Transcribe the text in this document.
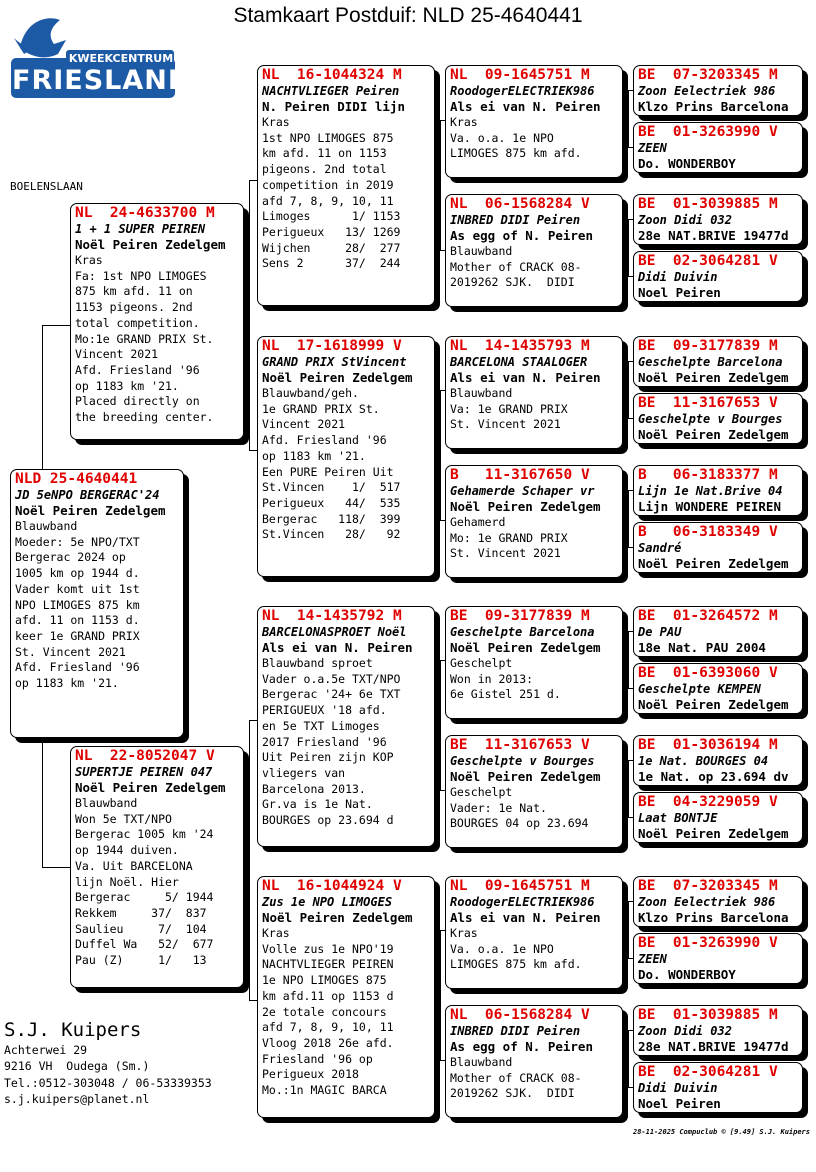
Stamkaart Postduif: NLD 25-4640441
KWEEKCENTRUM
FRIESLAND
BOELENSLAAN
NLD 25-4640441
JD 5eNPO BERGERAC'24
Noël Peiren Zedelgem
Blauwband
Moeder: 5e NPO/TXT
Bergerac 2024 op
1005 km op 1944 d.
Vader komt uit 1st
NPO LIMOGES 875 km
afd. 11 on 1153 d.
keer 1e GRAND PRIX
St. Vincent 2021
Afd. Friesland '96
op 1183 km '21.
NL  24-4633700 M
1 + 1 SUPER PEIREN
Noël Peiren Zedelgem
Kras
Fa: 1st NPO LIMOGES
875 km afd. 11 on
1153 pigeons. 2nd
total competition.
Mo:1e GRAND PRIX St.
Vincent 2021
Afd. Friesland '96
op 1183 km '21.
Placed directly on
the breeding center.
NL  22-8052047 V
SUPERTJE PEIREN 047
Noël Peiren Zedelgem
Blauwband
Won 5e TXT/NPO
Bergerac 1005 km '24
op 1944 duiven.
Va. Uit BARCELONA
lijn Noël. Hier
Bergerac     5/ 1944
Rekkem     37/  837
Saulieu     7/  104
Duffel Wa   52/  677
Pau (Z)     1/   13
NL  16-1044324 M
NACHTVLIEGER Peiren
N. Peiren DIDI lijn
Kras
1st NPO LIMOGES 875
km afd. 11 on 1153
pigeons. 2nd total
competition in 2019
afd 7, 8, 9, 10, 11
Limoges      1/ 1153
Perigueux   13/ 1269
Wijchen     28/  277
Sens 2      37/  244
NL  17-1618999 V
GRAND PRIX StVincent
Noël Peiren Zedelgem
Blauwband/geh.
1e GRAND PRIX St.
Vincent 2021
Afd. Friesland '96
op 1183 km '21.
Een PURE Peiren Uit
St.Vincen    1/  517
Perigueux   44/  535
Bergerac   118/  399
St.Vincen   28/   92
NL  14-1435792 M
BARCELONASPROET Noël
Als ei van N. Peiren
Blauwband sproet
Vader o.a.5e TXT/NPO
Bergerac '24+ 6e TXT
PERIGUEUX '18 afd.
en 5e TXT Limoges
2017 Friesland '96
Uit Peiren zijn KOP
vliegers van
Barcelona 2013.
Gr.va is 1e Nat.
BOURGES op 23.694 d
NL  16-1044924 V
Zus 1e NPO LIMOGES
Noël Peiren Zedelgem
Kras
Volle zus 1e NPO'19
NACHTVLIEGER PEIREN
1e NPO LIMOGES 875
km afd.11 op 1153 d
2e totale concours
afd 7, 8, 9, 10, 11
Vloog 2018 26e afd.
Friesland '96 op
Perigueux 2018
Mo.:1n MAGIC BARCA
NL  09-1645751 M
RoodogerELECTRIEK986
Als ei van N. Peiren
Kras
Va. o.a. 1e NPO
LIMOGES 875 km afd.
NL  06-1568284 V
INBRED DIDI Peiren
As egg of N. Peiren
Blauwband
Mother of CRACK 08-
2019262 SJK.  DIDI
NL  14-1435793 M
BARCELONA STAALOGER
Als ei van N. Peiren
Blauwband
Va: 1e GRAND PRIX
St. Vincent 2021
B   11-3167650 V
Gehamerde Schaper vr
Noël Peiren Zedelgem
Gehamerd
Mo: 1e GRAND PRIX
St. Vincent 2021
BE  09-3177839 M
Geschelpte Barcelona
Noël Peiren Zedelgem
Geschelpt
Won in 2013:
6e Gistel 251 d.
BE  11-3167653 V
Geschelpte v Bourges
Noël Peiren Zedelgem
Geschelpt
Vader: 1e Nat.
BOURGES 04 op 23.694
NL  09-1645751 M
RoodogerELECTRIEK986
Als ei van N. Peiren
Kras
Va. o.a. 1e NPO
LIMOGES 875 km afd.
NL  06-1568284 V
INBRED DIDI Peiren
As egg of N. Peiren
Blauwband
Mother of CRACK 08-
2019262 SJK.  DIDI
BE  07-3203345 M
Zoon Eelectriek 986
Klzo Prins Barcelona
BE  01-3263990 V
ZEEN
Do. WONDERBOY
BE  01-3039885 M
Zoon Didi 032
28e NAT.BRIVE 19477d
BE  02-3064281 V
Didi Duivin
Noel Peiren
BE  09-3177839 M
Geschelpte Barcelona
Noël Peiren Zedelgem
BE  11-3167653 V
Geschelpte v Bourges
Noël Peiren Zedelgem
B   06-3183377 M
Lijn 1e Nat.Brive 04
Lijn WONDERE PEIREN
B   06-3183349 V
Sandré
Noël Peiren Zedelgem
BE  01-3264572 M
De PAU
18e Nat. PAU 2004
BE  01-6393060 V
Geschelpte KEMPEN
Noël Peiren Zedelgem
BE  01-3036194 M
1e Nat. BOURGES 04
1e Nat. op 23.694 dv
BE  04-3229059 V
Laat BONTJE
Noël Peiren Zedelgem
BE  07-3203345 M
Zoon Eelectriek 986
Klzo Prins Barcelona
BE  01-3263990 V
ZEEN
Do. WONDERBOY
BE  01-3039885 M
Zoon Didi 032
28e NAT.BRIVE 19477d
BE  02-3064281 V
Didi Duivin
Noel Peiren
S.J. Kuipers
Achterwei 29
9216 VH  Oudega (Sm.)
Tel.:0512-303048 / 06-53339353
s.j.kuipers@planet.nl
28-11-2025 Compuclub © [9.49] S.J. Kuipers
